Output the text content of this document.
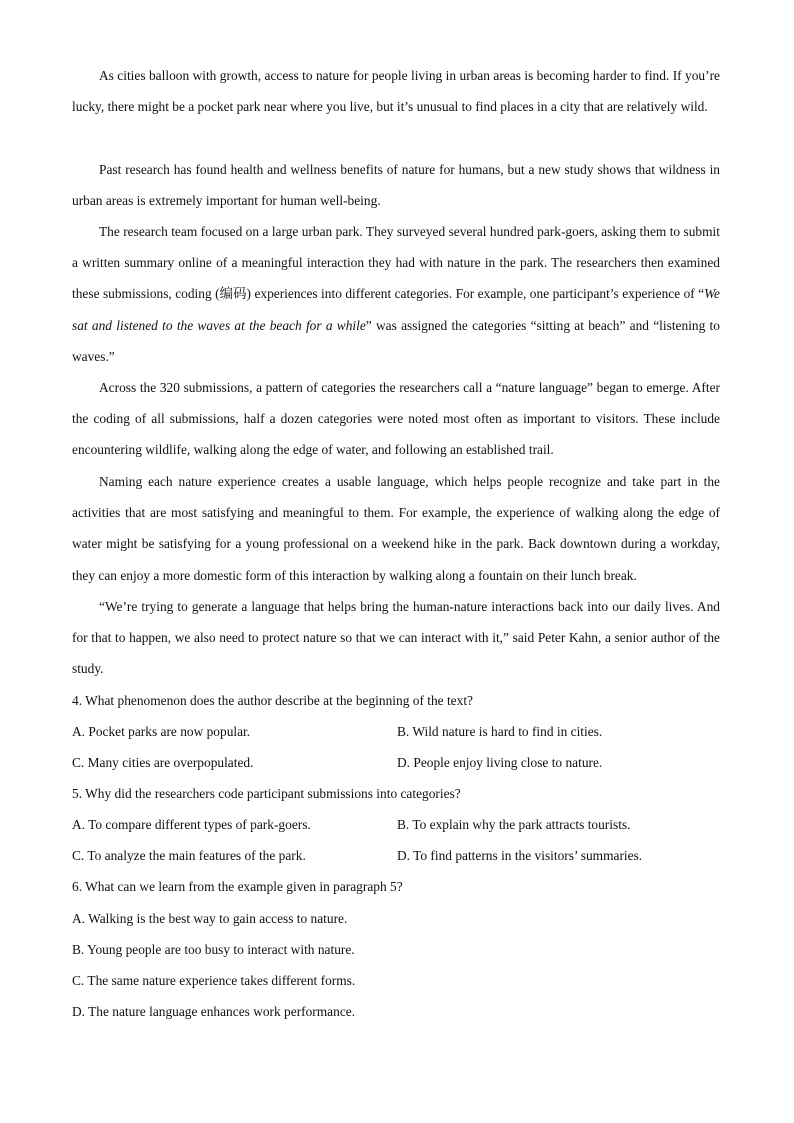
As cities balloon with growth, access to nature for people living in urban areas is becoming harder to find. If you’re lucky, there might be a pocket park near where you live, but it’s unusual to find places in a city that are relatively wild.

Past research has found health and wellness benefits of nature for humans, but a new study shows that wildness in urban areas is extremely important for human well-being.

The research team focused on a large urban park. They surveyed several hundred park-goers, asking them to submit a written summary online of a meaningful interaction they had with nature in the park. The researchers then examined these submissions, coding (编码) experiences into different categories. For example, one participant’s experience of “We sat and listened to the waves at the beach for a while” was assigned the categories “sitting at beach” and “listening to waves.”

Across the 320 submissions, a pattern of categories the researchers call a “nature language” began to emerge. After the coding of all submissions, half a dozen categories were noted most often as important to visitors. These include encountering wildlife, walking along the edge of water, and following an established trail.

Naming each nature experience creates a usable language, which helps people recognize and take part in the activities that are most satisfying and meaningful to them. For example, the experience of walking along the edge of water might be satisfying for a young professional on a weekend hike in the park. Back downtown during a workday, they can enjoy a more domestic form of this interaction by walking along a fountain on their lunch break.

“We’re trying to generate a language that helps bring the human-nature interactions back into our daily lives. And for that to happen, we also need to protect nature so that we can interact with it,” said Peter Kahn, a senior author of the study.

4. What phenomenon does the author describe at the beginning of the text?

A. Pocket parks are now popular.	B. Wild nature is hard to find in cities.

C. Many cities are overpopulated.	D. People enjoy living close to nature.

5. Why did the researchers code participant submissions into categories?

A. To compare different types of park-goers.	B. To explain why the park attracts tourists.

C. To analyze the main features of the park.	D. To find patterns in the visitors’ summaries.

6. What can we learn from the example given in paragraph 5?

A. Walking is the best way to gain access to nature.

B. Young people are too busy to interact with nature.

C. The same nature experience takes different forms.

D. The nature language enhances work performance.
